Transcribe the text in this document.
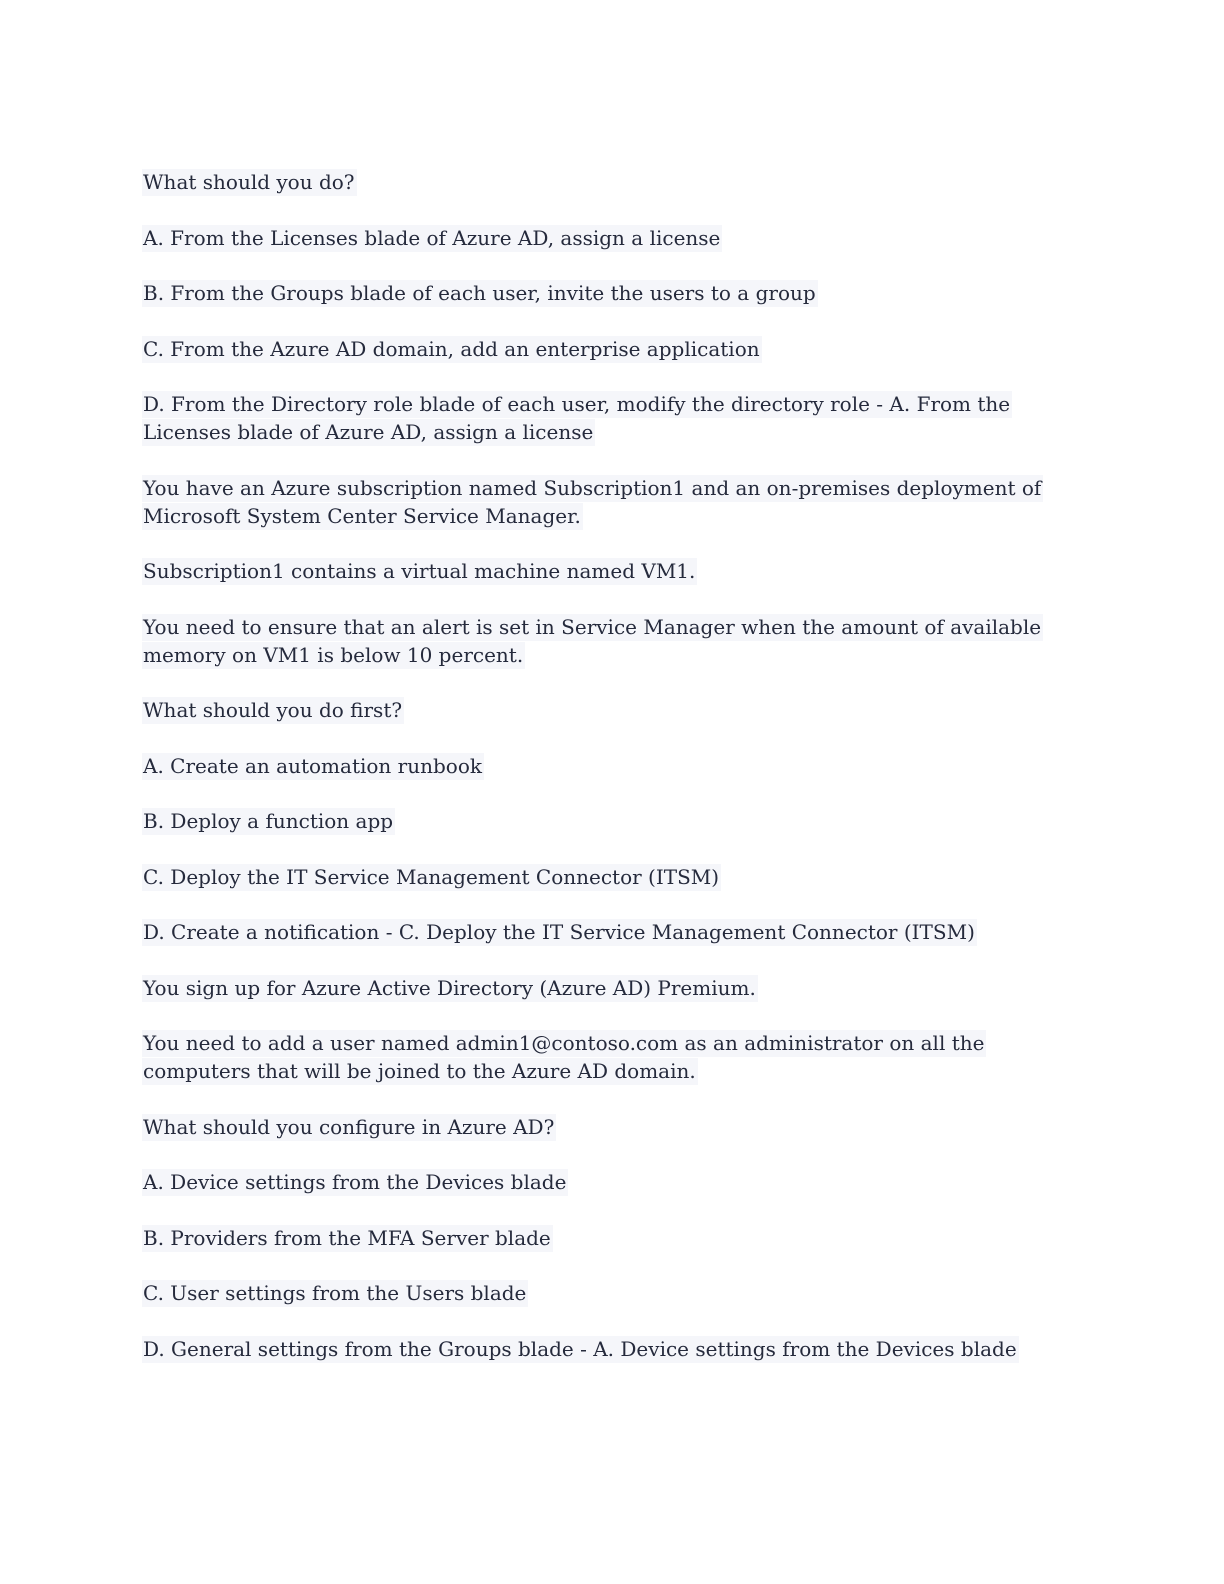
What should you do?

A. From the Licenses blade of Azure AD, assign a license

B. From the Groups blade of each user, invite the users to a group

C. From the Azure AD domain, add an enterprise application

D. From the Directory role blade of each user, modify the directory role - A. From the Licenses blade of Azure AD, assign a license

You have an Azure subscription named Subscription1 and an on-premises deployment of Microsoft System Center Service Manager.

Subscription1 contains a virtual machine named VM1.

You need to ensure that an alert is set in Service Manager when the amount of available memory on VM1 is below 10 percent.

What should you do first?

A. Create an automation runbook

B. Deploy a function app

C. Deploy the IT Service Management Connector (ITSM)

D. Create a notification - C. Deploy the IT Service Management Connector (ITSM)

You sign up for Azure Active Directory (Azure AD) Premium.

You need to add a user named admin1@contoso.com as an administrator on all the computers that will be joined to the Azure AD domain.

What should you configure in Azure AD?

A. Device settings from the Devices blade

B. Providers from the MFA Server blade

C. User settings from the Users blade

D. General settings from the Groups blade - A. Device settings from the Devices blade
